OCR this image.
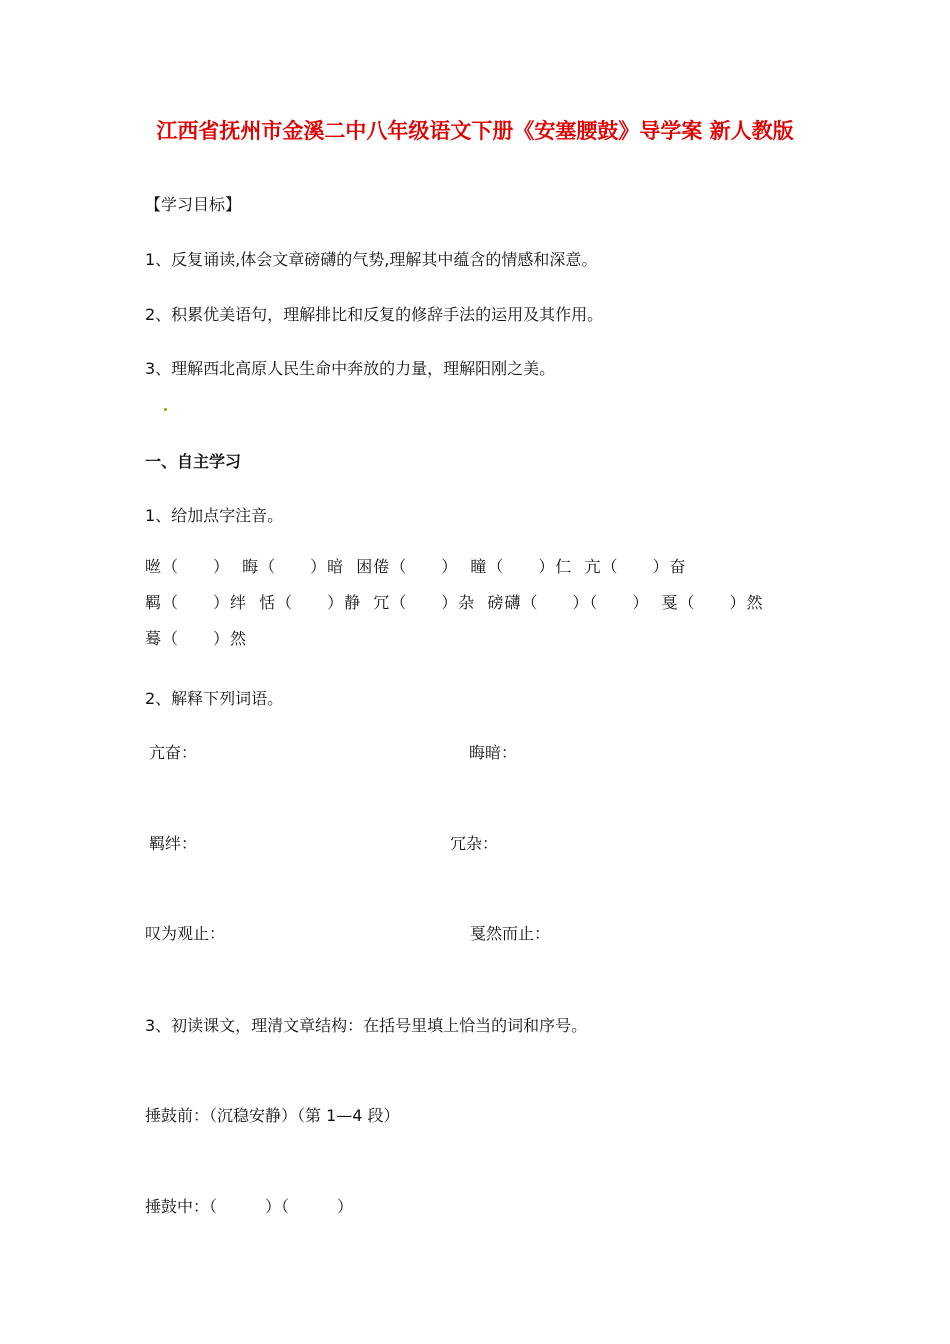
江西省抚州市金溪二中八年级语文下册《安塞腰鼓》导学案 新人教版
【学习目标】
1、反复诵读,体会文章磅礴的气势,理解其中蕴含的情感和深意。
2、积累优美语句，理解排比和反复的修辞手法的运用及其作用。
3、理解西北高原人民生命中奔放的力量，理解阳刚之美。
一、自主学习
1、给加点字注音。
咝（　　） 晦（　　）暗 困倦（　　） 瞳（　　）仁 亢（　　）奋 羁（　　）绊 恬（　　）静 冗（　　）杂 磅礴（　　）（　　） 戛（　　）然 蓦（　　）然
2、解释下列词语。
亢奋：	晦暗：
羁绊：	冗杂：
叹为观止：	戛然而止：
3、初读课文，理清文章结构：在括号里填上恰当的词和序号。
捶鼓前：（沉稳安静）（第 1—4 段）
捶鼓中：（　　　）（　　　）
